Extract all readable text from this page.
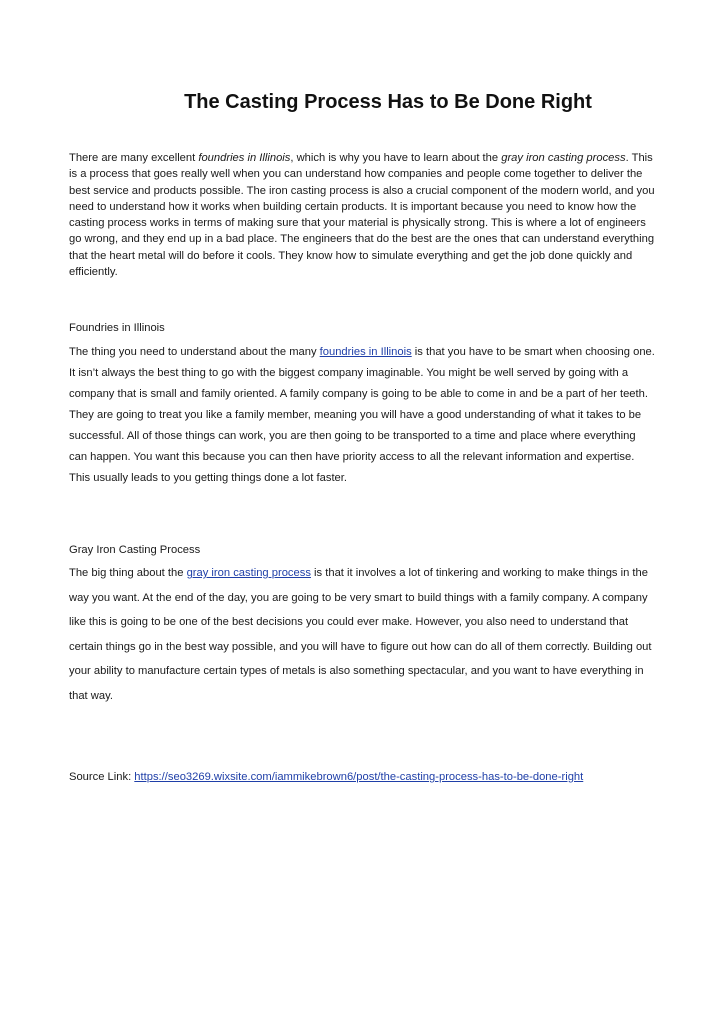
The Casting Process Has to Be Done Right

There are many excellent foundries in Illinois, which is why you have to learn about the gray iron casting process. This is a process that goes really well when you can understand how companies and people come together to deliver the best service and products possible. The iron casting process is also a crucial component of the modern world, and you need to understand how it works when building certain products. It is important because you need to know how the casting process works in terms of making sure that your material is physically strong. This is where a lot of engineers go wrong, and they end up in a bad place. The engineers that do the best are the ones that can understand everything that the heart metal will do before it cools. They know how to simulate everything and get the job done quickly and efficiently.

Foundries in Illinois

The thing you need to understand about the many foundries in Illinois is that you have to be smart when choosing one. It isn’t always the best thing to go with the biggest company imaginable. You might be well served by going with a company that is small and family oriented. A family company is going to be able to come in and be a part of her teeth. They are going to treat you like a family member, meaning you will have a good understanding of what it takes to be successful. All of those things can work, you are then going to be transported to a time and place where everything can happen. You want this because you can then have priority access to all the relevant information and expertise. This usually leads to you getting things done a lot faster.

Gray Iron Casting Process

The big thing about the gray iron casting process is that it involves a lot of tinkering and working to make things in the way you want. At the end of the day, you are going to be very smart to build things with a family company. A company like this is going to be one of the best decisions you could ever make. However, you also need to understand that certain things go in the best way possible, and you will have to figure out how can do all of them correctly. Building out your ability to manufacture certain types of metals is also something spectacular, and you want to have everything in that way.

Source Link: https://seo3269.wixsite.com/iammikebrown6/post/the-casting-process-has-to-be-done-right
